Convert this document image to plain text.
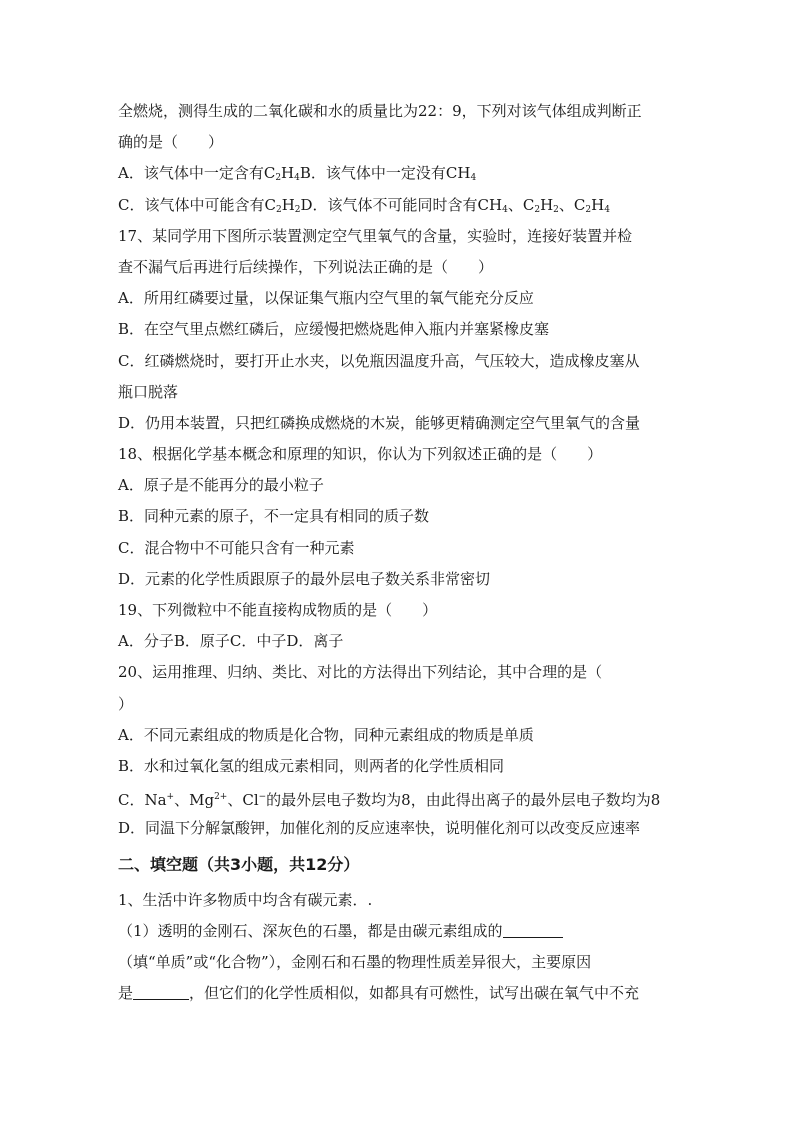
全燃烧，测得生成的二氧化碳和水的质量比为22：9，下列对该气体组成判断正
确的是（　　）
A．该气体中一定含有$C_2H_4B$．该气体中一定没有$CH_4$
C．该气体中可能含有$C_2H_2D$．该气体不可能同时含有$CH_4$、$C_2H_2$、$C_2H_4$
17、某同学用下图所示装置测定空气里氧气的含量，实验时，连接好装置并检
查不漏气后再进行后续操作，下列说法正确的是（　　）
A．所用红磷要过量，以保证集气瓶内空气里的氧气能充分反应
B．在空气里点燃红磷后，应缓慢把燃烧匙伸入瓶内并塞紧橡皮塞
C．红磷燃烧时，要打开止水夹，以免瓶因温度升高，气压较大，造成橡皮塞从
瓶口脱落
D．仍用本装置，只把红磷换成燃烧的木炭，能够更精确测定空气里氧气的含量
18、根据化学基本概念和原理的知识，你认为下列叙述正确的是（　　）
A．原子是不能再分的最小粒子
B．同种元素的原子，不一定具有相同的质子数
C．混合物中不可能只含有一种元素
D．元素的化学性质跟原子的最外层电子数关系非常密切
19、下列微粒中不能直接构成物质的是（　　）
A．分子B．原子C．中子D．离子
20、运用推理、归纳、类比、对比的方法得出下列结论，其中合理的是（
）
A．不同元素组成的物质是化合物，同种元素组成的物质是单质
B．水和过氧化氢的组成元素相同，则两者的化学性质相同
C．Na+、$Mg^{2+}$、Cl−的最外层电子数均为8，由此得出离子的最外层电子数均为8
D．同温下分解氯酸钾，加催化剂的反应速率快，说明催化剂可以改变反应速率
二、填空题（共3小题，共12分）
1、生活中许多物质中均含有碳元素．.
（1）透明的金刚石、深灰色的石墨，都是由碳元素组成的
（填“单质”或“化合物”），金刚石和石墨的物理性质差异很大，主要原因
是	，但它们的化学性质相似，如都具有可燃性，试写出碳在氧气中不充
